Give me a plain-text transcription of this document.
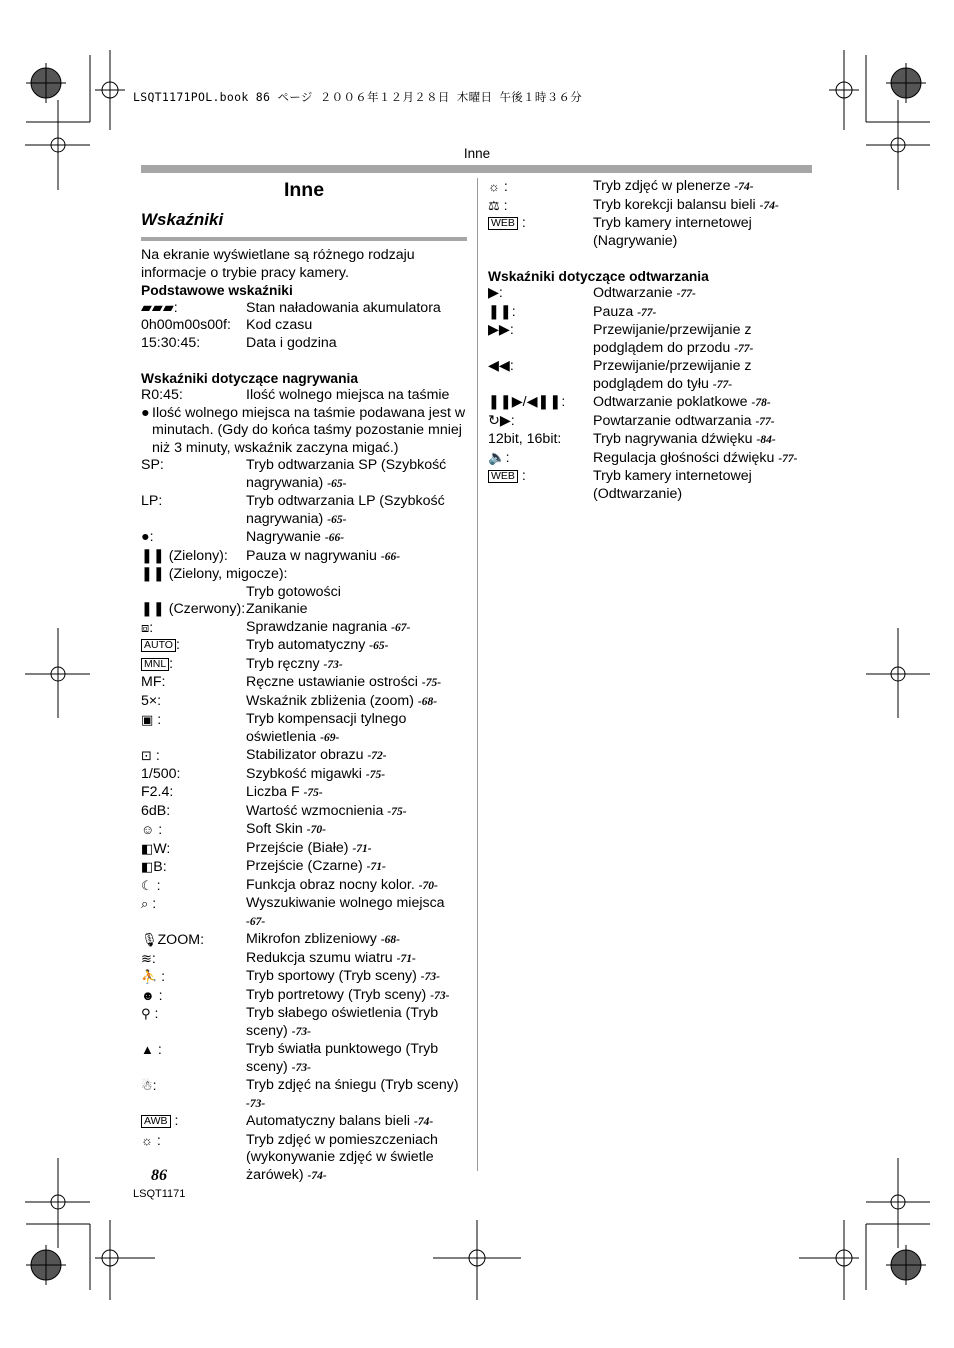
LSQT1171POL.book 86 ページ ２００６年１２月２８日 木曜日 午後１時３６分
Inne
Inne
Wskaźniki
Na ekranie wyświetlane są różnego rodzaju informacje o trybie pracy kamery.
Podstawowe wskaźniki
▰▰▰:	Stan naładowania akumulatora
0h00m00s00f:	Kod czasu
15:30:45:	Data i godzina
Wskaźniki dotyczące nagrywania
R0:45:	Ilość wolnego miejsca na taśmie
● Ilość wolnego miejsca na taśmie podawana jest w minutach. (Gdy do końca taśmy pozostanie mniej niż 3 minuty, wskaźnik zaczyna migać.)
SP:	Tryb odtwarzania SP (Szybkość nagrywania) -65-
LP:	Tryb odtwarzania LP (Szybkość nagrywania) -65-
●:	Nagrywanie -66-
❚❚ (Zielony):	Pauza w nagrywaniu -66-
❚❚ (Zielony, migocze):
Tryb gotowości
❚❚ (Czerwony): Zanikanie
⧈:	Sprawdzanie nagrania -67-
AUTO :	Tryb automatyczny -65-
MNL :	Tryb ręczny -73-
MF:	Ręczne ustawianie ostrości -75-
5×:	Wskaźnik zbliżenia (zoom) -68-
▣ :	Tryb kompensacji tylnego oświetlenia -69-
⊡ :	Stabilizator obrazu -72-
1/500:	Szybkość migawki -75-
F2.4:	Liczba F -75-
6dB:	Wartość wzmocnienia -75-
☺ :	Soft Skin -70-
◧W:	Przejście (Białe) -71-
◧B:	Przejście (Czarne) -71-
☾ :	Funkcja obraz nocny kolor. -70-
⌕ :	Wyszukiwanie wolnego miejsca -67-
🎙ZOOM:	Mikrofon zblizeniowy -68-
≋:	Redukcja szumu wiatru -71-
⛹ :	Tryb sportowy (Tryb sceny) -73-
☻ :	Tryb portretowy (Tryb sceny) -73-
⚲ :	Tryb słabego oświetlenia (Tryb sceny) -73-
▲ :	Tryb światła punktowego (Tryb sceny) -73-
☃:	Tryb zdjęć na śniegu (Tryb sceny) -73-
AWB :	Automatyczny balans bieli -74-
☼ :	Tryb zdjęć w pomieszczeniach (wykonywanie zdjęć w świetle żarówek) -74-
☼ :	Tryb zdjęć w plenerze -74-
⚖ :	Tryb korekcji balansu bieli -74-
WEB :	Tryb kamery internetowej (Nagrywanie)
Wskaźniki dotyczące odtwarzania
▶:	Odtwarzanie -77-
❚❚:	Pauza -77-
▶▶:	Przewijanie/przewijanie z podglądem do przodu -77-
◀◀:	Przewijanie/przewijanie z podglądem do tyłu -77-
❚❚▶/◀❚❚:	Odtwarzanie poklatkowe -78-
↻▶:	Powtarzanie odtwarzania -77-
12bit, 16bit:	Tryb nagrywania dźwięku -84-
🔈:	Regulacja głośności dźwięku -77-
WEB :	Tryb kamery internetowej (Odtwarzanie)
86
LSQT1171
